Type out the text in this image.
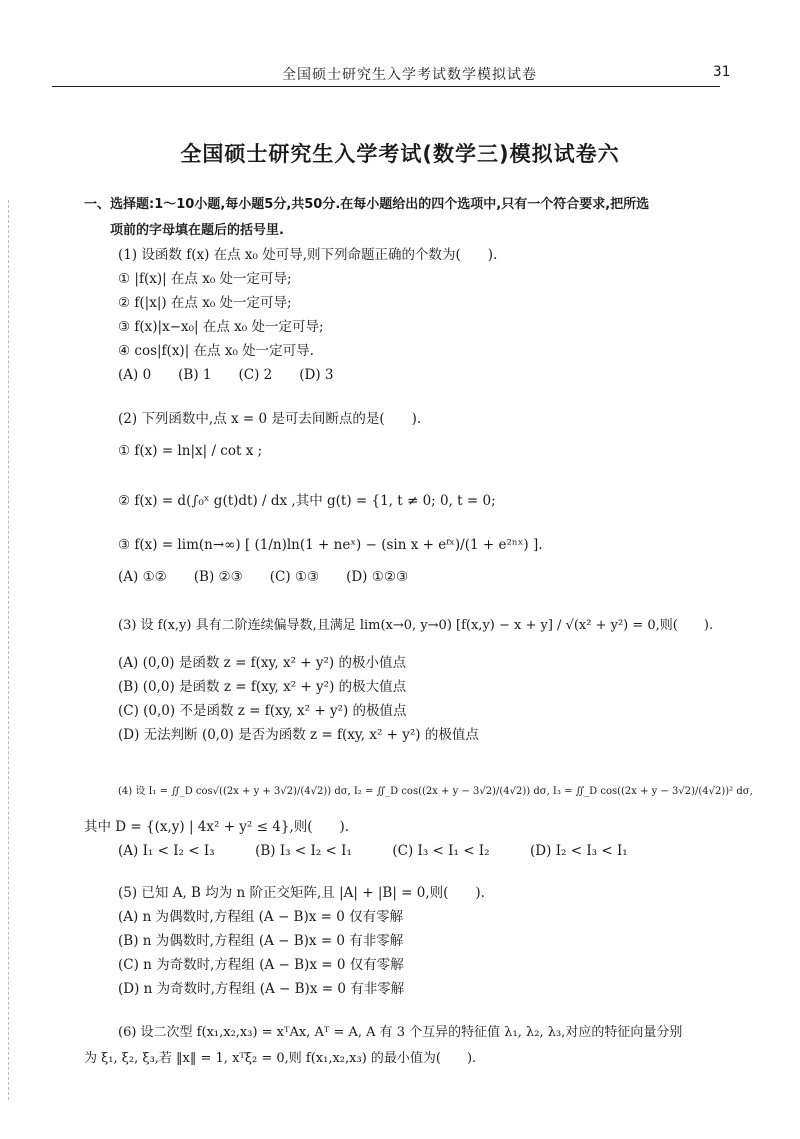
全国硕士研究生入学考试数学模拟试卷	31
全国硕士研究生入学考试(数学三)模拟试卷六
一、选择题:1～10小题,每小题5分,共50分.在每小题给出的四个选项中,只有一个符合要求,把所选
项前的字母填在题后的括号里.
(1) 设函数 f(x) 在点 x₀ 处可导,则下列命题正确的个数为(　　).
① |f(x)| 在点 x₀ 处一定可导;
② f(|x|) 在点 x₀ 处一定可导;
③ f(x)|x−x₀| 在点 x₀ 处一定可导;
④ cos|f(x)| 在点 x₀ 处一定可导.
(A) 0　　(B) 1　　(C) 2　　(D) 3
(2) 下列函数中,点 x = 0 是可去间断点的是(　　).
① f(x) = ln|x| / cot x ;
② f(x) = d(∫₀ˣ g(t)dt) / dx ,其中 g(t) = {1, t ≠ 0; 0, t = 0;
③ f(x) = lim(n→∞) [ (1/n)ln(1 + neˣ) − (sin x + eᶠˣ)/(1 + e²ⁿˣ) ].
(A) ①②　　(B) ②③　　(C) ①③　　(D) ①②③
(3) 设 f(x,y) 具有二阶连续偏导数,且满足 lim(x→0, y→0) [f(x,y) − x + y] / √(x² + y²) = 0,则(　　).
(A) (0,0) 是函数 z = f(xy, x² + y²) 的极小值点
(B) (0,0) 是函数 z = f(xy, x² + y²) 的极大值点
(C) (0,0) 不是函数 z = f(xy, x² + y²) 的极值点
(D) 无法判断 (0,0) 是否为函数 z = f(xy, x² + y²) 的极值点
(4) 设 I₁ = ∬_D cos√((2x + y + 3√2)/(4√2)) dσ, I₂ = ∬_D cos((2x + y − 3√2)/(4√2)) dσ, I₃ = ∬_D cos((2x + y − 3√2)/(4√2))² dσ,
其中 D = {(x,y) | 4x² + y² ≤ 4},则(　　).
(A) I₁ < I₂ < I₃　　　(B) I₃ < I₂ < I₁　　　(C) I₃ < I₁ < I₂　　　(D) I₂ < I₃ < I₁
(5) 已知 A, B 均为 n 阶正交矩阵,且 |A| + |B| = 0,则(　　).
(A) n 为偶数时,方程组 (A − B)x = 0 仅有零解
(B) n 为偶数时,方程组 (A − B)x = 0 有非零解
(C) n 为奇数时,方程组 (A − B)x = 0 仅有零解
(D) n 为奇数时,方程组 (A − B)x = 0 有非零解
(6) 设二次型 f(x₁,x₂,x₃) = xᵀAx, Aᵀ = A, A 有 3 个互异的特征值 λ₁, λ₂, λ₃,对应的特征向量分别
为 ξ₁, ξ₂, ξ₃,若 ‖x‖ = 1, xᵀξ₂ = 0,则 f(x₁,x₂,x₃) 的最小值为(　　).
